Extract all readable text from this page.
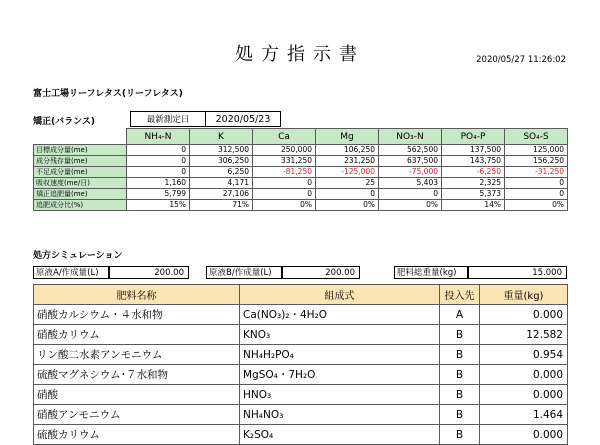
処方指示書	2020/05/27 11:26:02
富士工場リーフレタス(リーフレタス)
矯正(バランス)	最新測定日	2020/05/23
	NH₄-N	K	Ca	Mg	NO₃-N	PO₄-P	SO₄-S
目標成分量(me)	0	312,500	250,000	106,250	562,500	137,500	125,000
成分残存量(me)	0	306,250	331,250	231,250	637,500	143,750	156,250
不足成分量(me)	0	6,250	-81,250	-125,000	-75,000	-6,250	-31,250
吸収速度(me/日)	1,160	4,171	0	25	5,403	2,325	0
矯正追肥量(me)	5,799	27,106	0	0	0	5,373	0
追肥成分比(%)	15%	71%	0%	0%	0%	14%	0%
処方シミュレーション
原液A/作成量(L)	200.00	原液B/作成量(L)	200.00	肥料総重量(kg)	15.000
肥料名称	組成式	投入先	重量(kg)
硝酸カルシウム・４水和物	Ca(NO₃)₂・4H₂O	A	0.000
硝酸カリウム	KNO₃	B	12.582
リン酸二水素アンモニウム	NH₄H₂PO₄	B	0.954
硫酸マグネシウム･７水和物	MgSO₄・7H₂O	B	0.000
硝酸	HNO₃	B	0.000
硝酸アンモニウム	NH₄NO₃	B	1.464
硫酸カリウム	K₂SO₄	B	0.000
